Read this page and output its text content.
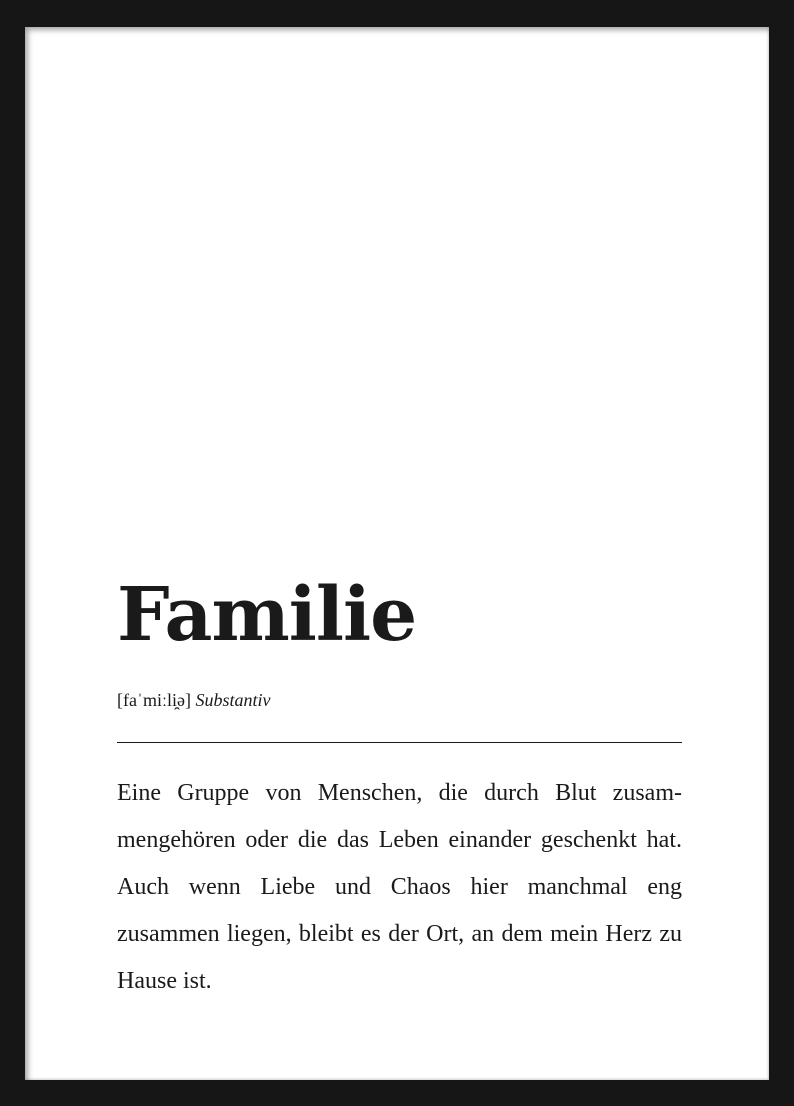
Familie

[faˈmiːli̯ə] Substantiv

Eine Gruppe von Menschen, die durch Blut zusammengehören oder die das Leben einander geschenkt hat. Auch wenn Liebe und Chaos hier manchmal eng zusammen liegen, bleibt es der Ort, an dem mein Herz zu Hause ist.
